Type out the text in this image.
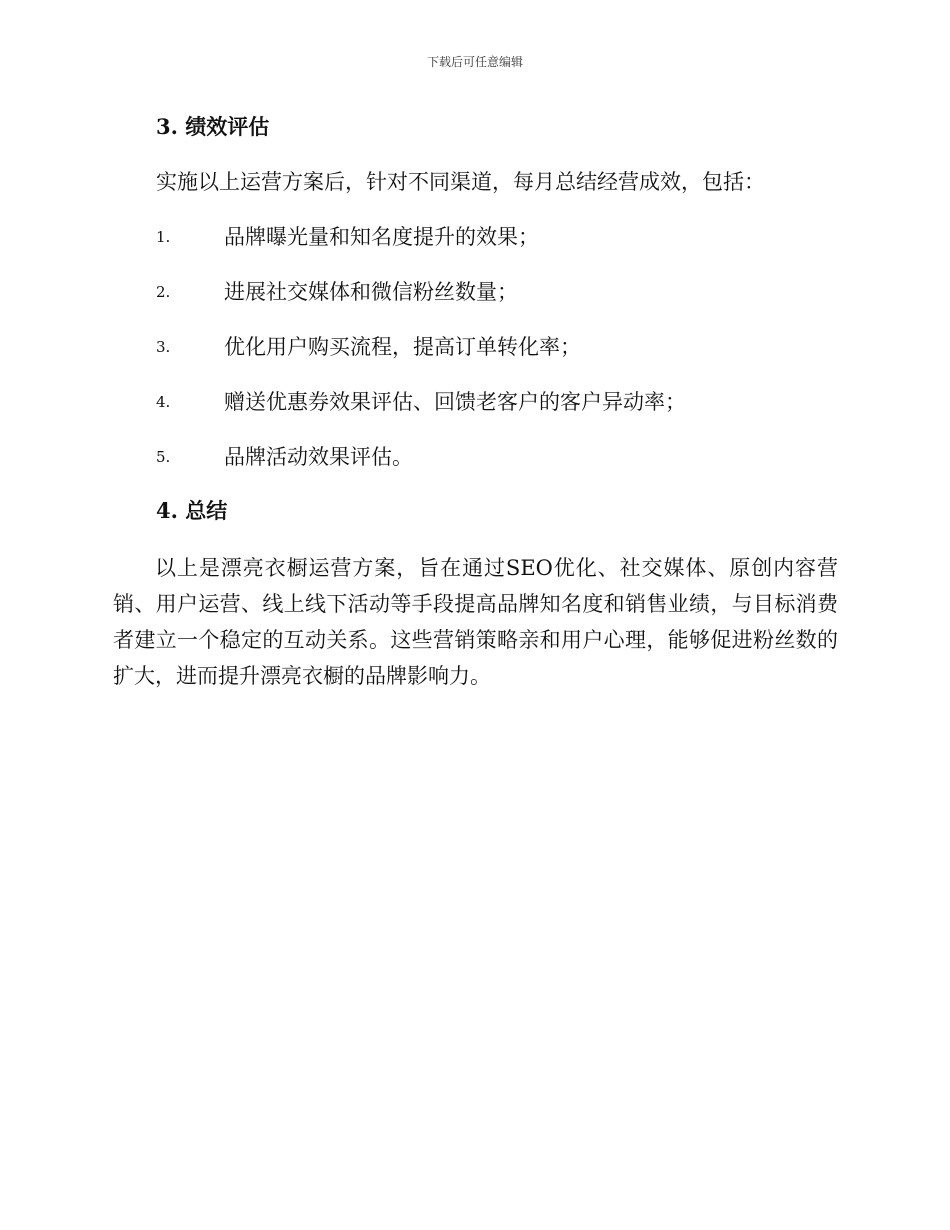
下载后可任意编辑
3. 绩效评估
实施以上运营方案后，针对不同渠道，每月总结经营成效，包括：
1.	品牌曝光量和知名度提升的效果；
2.	进展社交媒体和微信粉丝数量；
3.	优化用户购买流程，提高订单转化率；
4.	赠送优惠券效果评估、回馈老客户的客户异动率；
5.	品牌活动效果评估。
4. 总结

以上是漂亮衣橱运营方案，旨在通过SEO优化、社交媒体、原创内容营销、用户运营、线上线下活动等手段提高品牌知名度和销售业绩，与目标消费者建立一个稳定的互动关系。这些营销策略亲和用户心理，能够促进粉丝数的扩大，进而提升漂亮衣橱的品牌影响力。
